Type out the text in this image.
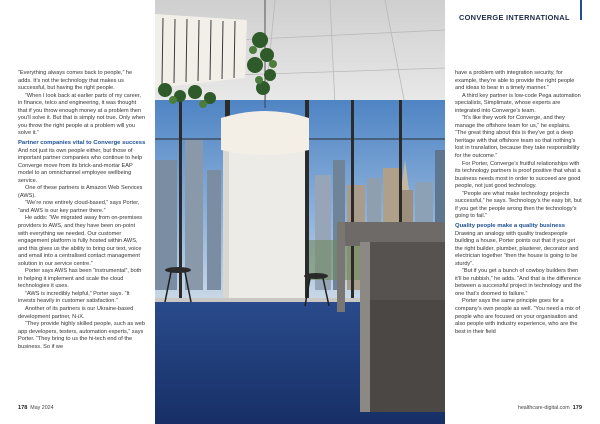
CONVERGE INTERNATIONAL

“Everything always comes back to people,” he adds. It’s not the technology that makes us successful, but having the right people.

“When I look back at earlier parts of my career, in finance, telco and engineering, it was thought that if you throw enough money at a problem then you’ll solve it. But that is simply not true. Only when you throw the right people at a problem will you solve it.”

Partner companies vital to Converge success

And not just its own people either, but those of important partner companies who continue to help Converge move from its brick-and-mortar EAP model to an omnichannel employee wellbeing service.

One of these partners is Amazon Web Services (AWS).

“We’re now entirely cloud-based,” says Porter, “and AWS is our key partner there.”

He adds: “We migrated away from on-premises providers to AWS, and they have been on-point with everything we needed. Our customer engagement platform is fully hosted within AWS, and this gives us the ability to bring our text, voice and email into a centralised contact management solution in our service centre.”

Porter says AWS has been “instrumental”, both in helping it implement and scale the cloud technologies it uses.

“AWS is incredibly helpful,” Porter says. “It invests heavily in customer satisfaction.”

Another of its partners is our Ukraine-based development partner, N-iX.

“They provide highly skilled people, such as web app developers, testers, automation experts,” says Porter. “They bring to us the hi-tech end of the business. So if we

have a problem with integration security, for example, they’re able to provide the right people and ideas to bear in a timely manner.”

A third key partner is low-code Pega automation specialists, Simplimate, whose experts are integrated into Converge’s team.

“It’s like they work for Converge, and they manage the offshore team for us,” he explains. “The great thing about this is they’ve got a deep heritage with that offshore team so that nothing’s lost in translation, because they take responsibility for the outcome.”

For Porter, Converge’s fruitful relationships with its technology partners is proof positive that what a business needs most in order to succeed are good people, not just good technology.

“People are what make technology projects successful,” he says. Technology’s the easy bit, but if you get the people wrong then the technology’s going to fail.”

Quality people make a quality business

Drawing an analogy with quality tradespeople building a house, Porter points out that if you get the right builder, plumber, plasterer, decorator and electrician together “then the house is going to be sturdy”.

“But if you get a bunch of cowboy builders then it’ll be rubbish,” he adds. “And that is the difference between a successful project in technology and the one that’s doomed to failure.”

Porter says the same principle goes for a company’s own people as well. “You need a mix of people who are focused on your organisation and also people with industry experience, who are the best in their field

178 May 2024	healthcare-digital.com 179
